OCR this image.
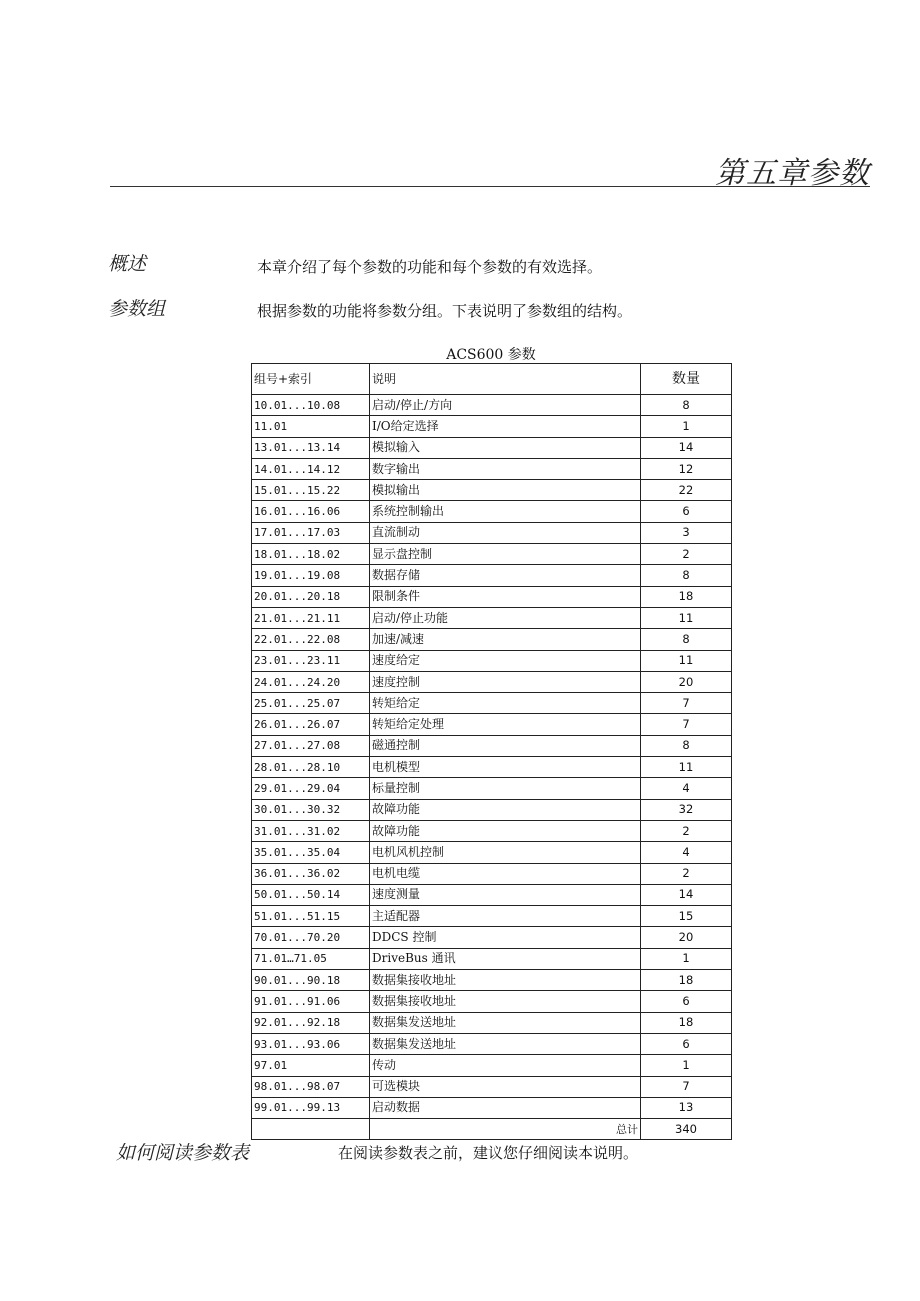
第五章参数
概述	本章介绍了每个参数的功能和每个参数的有效选择。
参数组	根据参数的功能将参数分组。下表说明了参数组的结构。
ACS600 参数
组号+索引	说明	数量
10.01...10.08	启动/停止/方向	8
11.01	I/O给定选择	1
13.01...13.14	模拟输入	14
14.01...14.12	数字输出	12
15.01...15.22	模拟输出	22
16.01...16.06	系统控制输出	6
17.01...17.03	直流制动	3
18.01...18.02	显示盘控制	2
19.01...19.08	数据存储	8
20.01...20.18	限制条件	18
21.01...21.11	启动/停止功能	11
22.01...22.08	加速/减速	8
23.01...23.11	速度给定	11
24.01...24.20	速度控制	20
25.01...25.07	转矩给定	7
26.01...26.07	转矩给定处理	7
27.01...27.08	磁通控制	8
28.01...28.10	电机模型	11
29.01...29.04	标量控制	4
30.01...30.32	故障功能	32
31.01...31.02	故障功能	2
35.01...35.04	电机风机控制	4
36.01...36.02	电机电缆	2
50.01...50.14	速度测量	14
51.01...51.15	主适配器	15
70.01...70.20	DDCS 控制	20
71.01…71.05	DriveBus 通讯	1
90.01...90.18	数据集接收地址	18
91.01...91.06	数据集接收地址	6
92.01...92.18	数据集发送地址	18
93.01...93.06	数据集发送地址	6
97.01	传动	1
98.01...98.07	可选模块	7
99.01...99.13	启动数据	13
	总计	340
如何阅读参数表	在阅读参数表之前，建议您仔细阅读本说明。
